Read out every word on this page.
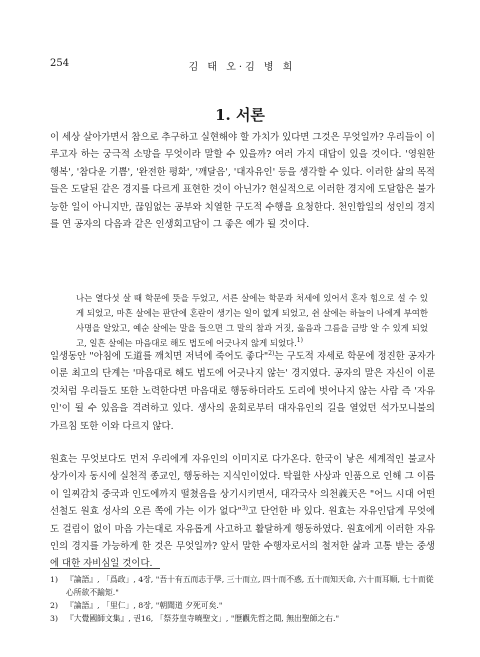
254	김 태 오·김 병 희
1. 서론

이 세상 살아가면서 참으로 추구하고 실현해야 할 가치가 있다면 그것은 무엇일까? 우리들이 이루고자 하는 궁극적 소망을 무엇이라 말할 수 있을까? 여러 가지 대답이 있을 것이다. '영원한 행복', '참다운 기쁨', '완전한 평화', '깨달음', '대자유인' 등을 생각할 수 있다. 이러한 삶의 목적들은 도달된 같은 경지를 다르게 표현한 것이 아닌가? 현실적으로 이러한 경지에 도달함은 불가능한 일이 아니지만, 끊임없는 공부와 치열한 구도적 수행을 요청한다. 천인합일의 성인의 경지를 연 공자의 다음과 같은 인생회고담이 그 좋은 예가 될 것이다.

나는 열다섯 살 때 학문에 뜻을 두었고, 서른 살에는 학문과 처세에 있어서 혼자 힘으로 설 수 있게 되었고, 마흔 살에는 판단에 혼란이 생기는 일이 없게 되었고, 쉰 살에는 하늘이 나에게 부여한 사명을 알았고, 예순 살에는 말을 들으면 그 말의 참과 거짓, 옳음과 그름을 금방 알 수 있게 되었고, 일흔 살에는 마음대로 해도 법도에 어긋나지 않게 되었다.$^{1)}$

일생동안 "아침에 도道를 깨치면 저녁에 죽어도 좋다"$^{2)}$는 구도적 자세로 학문에 정진한 공자가 이룬 최고의 단계는 '마음대로 해도 법도에 어긋나지 않는' 경지였다. 공자의 말은 자신이 이룬 것처럼 우리들도 또한 노력한다면 마음대로 행동하더라도 도리에 벗어나지 않는 사람 즉 '자유인'이 될 수 있음을 격려하고 있다. 생사의 윤회로부터 대자유인의 길을 열었던 석가모니불의 가르침 또한 이와 다르지 않다.

원효는 무엇보다도 먼저 우리에게 자유인의 이미지로 다가온다. 한국이 낳은 세계적인 불교사상가이자 동시에 실천적 종교인, 행동하는 지식인이었다. 탁월한 사상과 인품으로 인해 그 이름이 일찌감치 중국과 인도에까지 떨쳤음을 상기시키면서, 대각국사 의천義天은 "어느 시대 어떤 선철도 원효 성사의 오른 쪽에 가는 이가 없다"$^{3)}$고 단언한 바 있다. 원효는 자유인답게 무엇에도 걸림이 없이 마음 가는대로 자유롭게 사고하고 활달하게 행동하였다. 원효에게 이러한 자유인의 경지를 가능하게 한 것은 무엇일까? 앞서 말한 수행자로서의 철저한 삶과 고통 받는 중생에 대한 자비심일 것이다.

1) 『論語』, 「爲政」, 4장, "吾十有五而志于學, 三十而立, 四十而不惑, 五十而知天命, 六十而耳順, 七十而從心所欲不踰矩."
2) 『論語』, 「里仁」, 8장, "朝聞道 夕死可矣."
3) 『大覺國師文集』, 권16, 「祭芬皇寺曉聖文」, "歷觀先哲之間, 無出聖師之右."
